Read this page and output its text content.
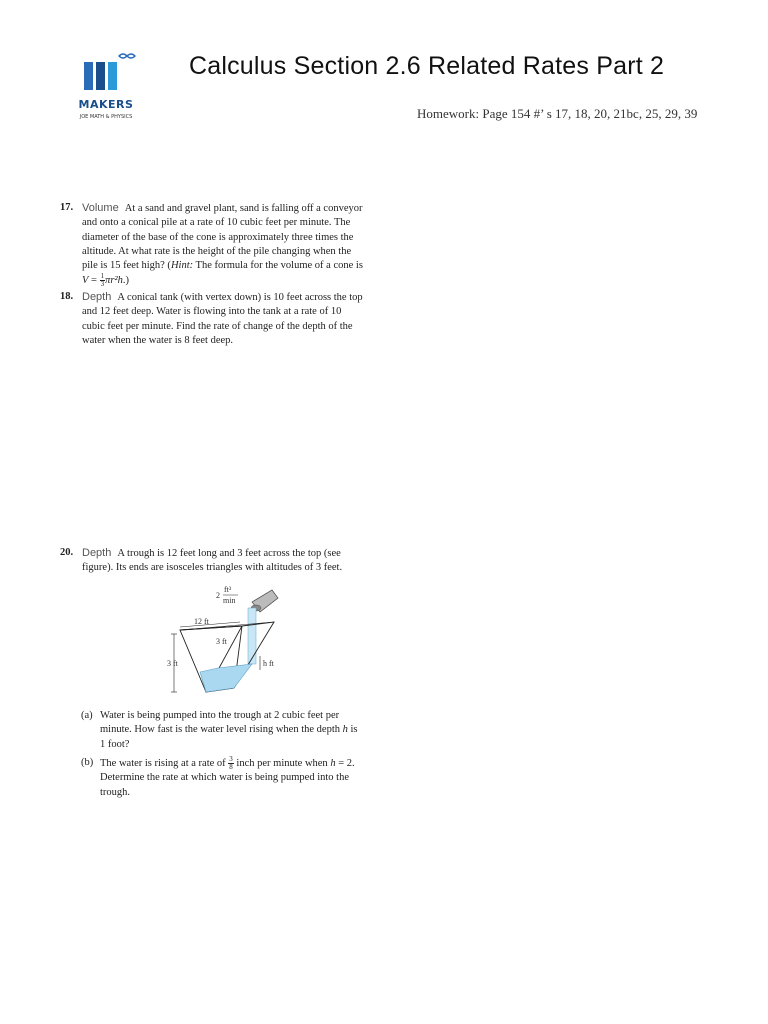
MAKERS
JOE MATH & PHYSICS
Calculus Section 2.6 Related Rates Part 2
Homework: Page 154 #’ s 17, 18, 20, 21bc, 25, 29, 39
17. Volume At a sand and gravel plant, sand is falling off a conveyor and onto a conical pile at a rate of 10 cubic feet per minute. The diameter of the base of the cone is approximately three times the altitude. At what rate is the height of the pile changing when the pile is 15 feet high? (Hint: The formula for the volume of a cone is $V = \frac{1}{3} \pi r^2h$.)
18. Depth A conical tank (with vertex down) is 10 feet across the top and 12 feet deep. Water is flowing into the tank at a rate of 10 cubic feet per minute. Find the rate of change of the depth of the water when the water is 8 feet deep.
20. Depth A trough is 12 feet long and 3 feet across the top (see figure). Its ends are isosceles triangles with altitudes of 3 feet.
12 ft
3 ft
3 ft	h ft
2
ft³
min
(a) Water is being pumped into the trough at 2 cubic feet per minute. How fast is the water level rising when the depth h is 1 foot?
(b) The water is rising at a rate of $\frac{3}{8}$ inch per minute when h = 2. Determine the rate at which water is being pumped into the trough.
